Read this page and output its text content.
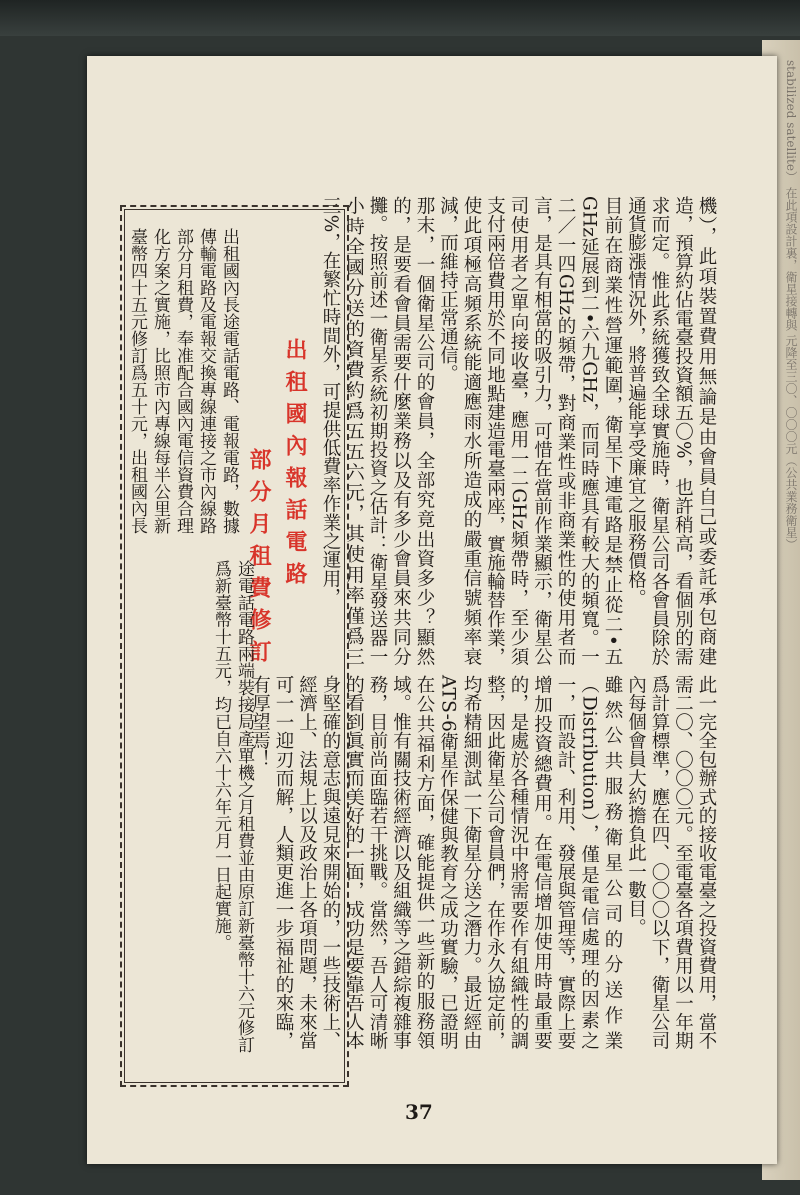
stabilized satellite） 在此項設計裏，衛星接轉與 元降至三〇、〇〇〇元（公共業務衛星）
機），此項裝置費用無論是由會員自己或委託承包商建造，預算約佔電臺投資額五〇%，也許稍高，看個別的需求而定。惟此系統獲致全球實施時，衛星公司各會員除於通貨膨漲情況外，將普遍能享受廉宜之服務價格。
目前在商業性營運範圍，衛星下連電路是禁止從二•五GHz延展到二•六九GHz，而同時應具有較大的頻寬。一二／一四GHz的頻帶，對商業性或非商業性的使用者而言，是具有相當的吸引力，可惜在當前作業顯示，衛星公司使用者之單向接收臺，應用一二GHz頻帶時，至少須支付兩倍費用於不同地點建造電臺兩座，實施輪替作業，使此項極高頻系統能適應雨水所造成的嚴重信號頻率衰減，而維持正常通信。
那末，一個衛星公司的會員，全部究竟出資多少？顯然的，是要看會員需要什麼業務以及有多少會員來共同分攤。按照前述一衛星系統初期投資之估計：衛星發送器一小時全國分送的資費約爲五五六元，其使用率僅爲三三%，在繁忙時間外，可提供低費率作業之運用，
此一完全包辦式的接收電臺之投資費用，當不需二〇、〇〇〇元。至電臺各項費用以一年期爲計算標準，應在四、〇〇〇以下，衛星公司內每個會員大約擔負此一數目。
雖然公共服務衛星公司的分送作業（Distribution），僅是電信處理的因素之一，而設計、利用、發展與管理等，實際上要增加投資總費用。在電信增加使用時最重要的，是處於各種情況中將需要作有組織性的調整，因此衛星公司會員們，在作永久協定前，均希精細測試一下衛星分送之潛力。最近經由ATS-6衛星作保健與教育之成功實驗，已證明在公共福利方面，確能提供一些新的服務領域。惟有關技術經濟以及組織等之錯綜複雜事務，目前尚面臨若干挑戰。當然，吾人可清晰的看到眞實而美好的一面，成功是要靠吾人本身堅確的意志與遠見來開始的，一些技術上、經濟上、法規上以及政治上各項問題，未來當可一一迎刃而解，人類更進一步福祉的來臨，有厚望焉！
出租國內報話電路
部分月租費修訂
出租國內長途電話電路、電報電路，數據傳輸電路及電報交換專線連接之市內線路部分月租費，奉准配合國內電信資費合理化方案之實施，比照市內專線每半公里新臺幣四十五元修訂爲五十元，出租國內長
途電話電路兩端裝接局產單機之月租費並由原訂新臺幣十六元修訂爲新臺幣十五元，均已自六十六年元月一日起實施。
37
